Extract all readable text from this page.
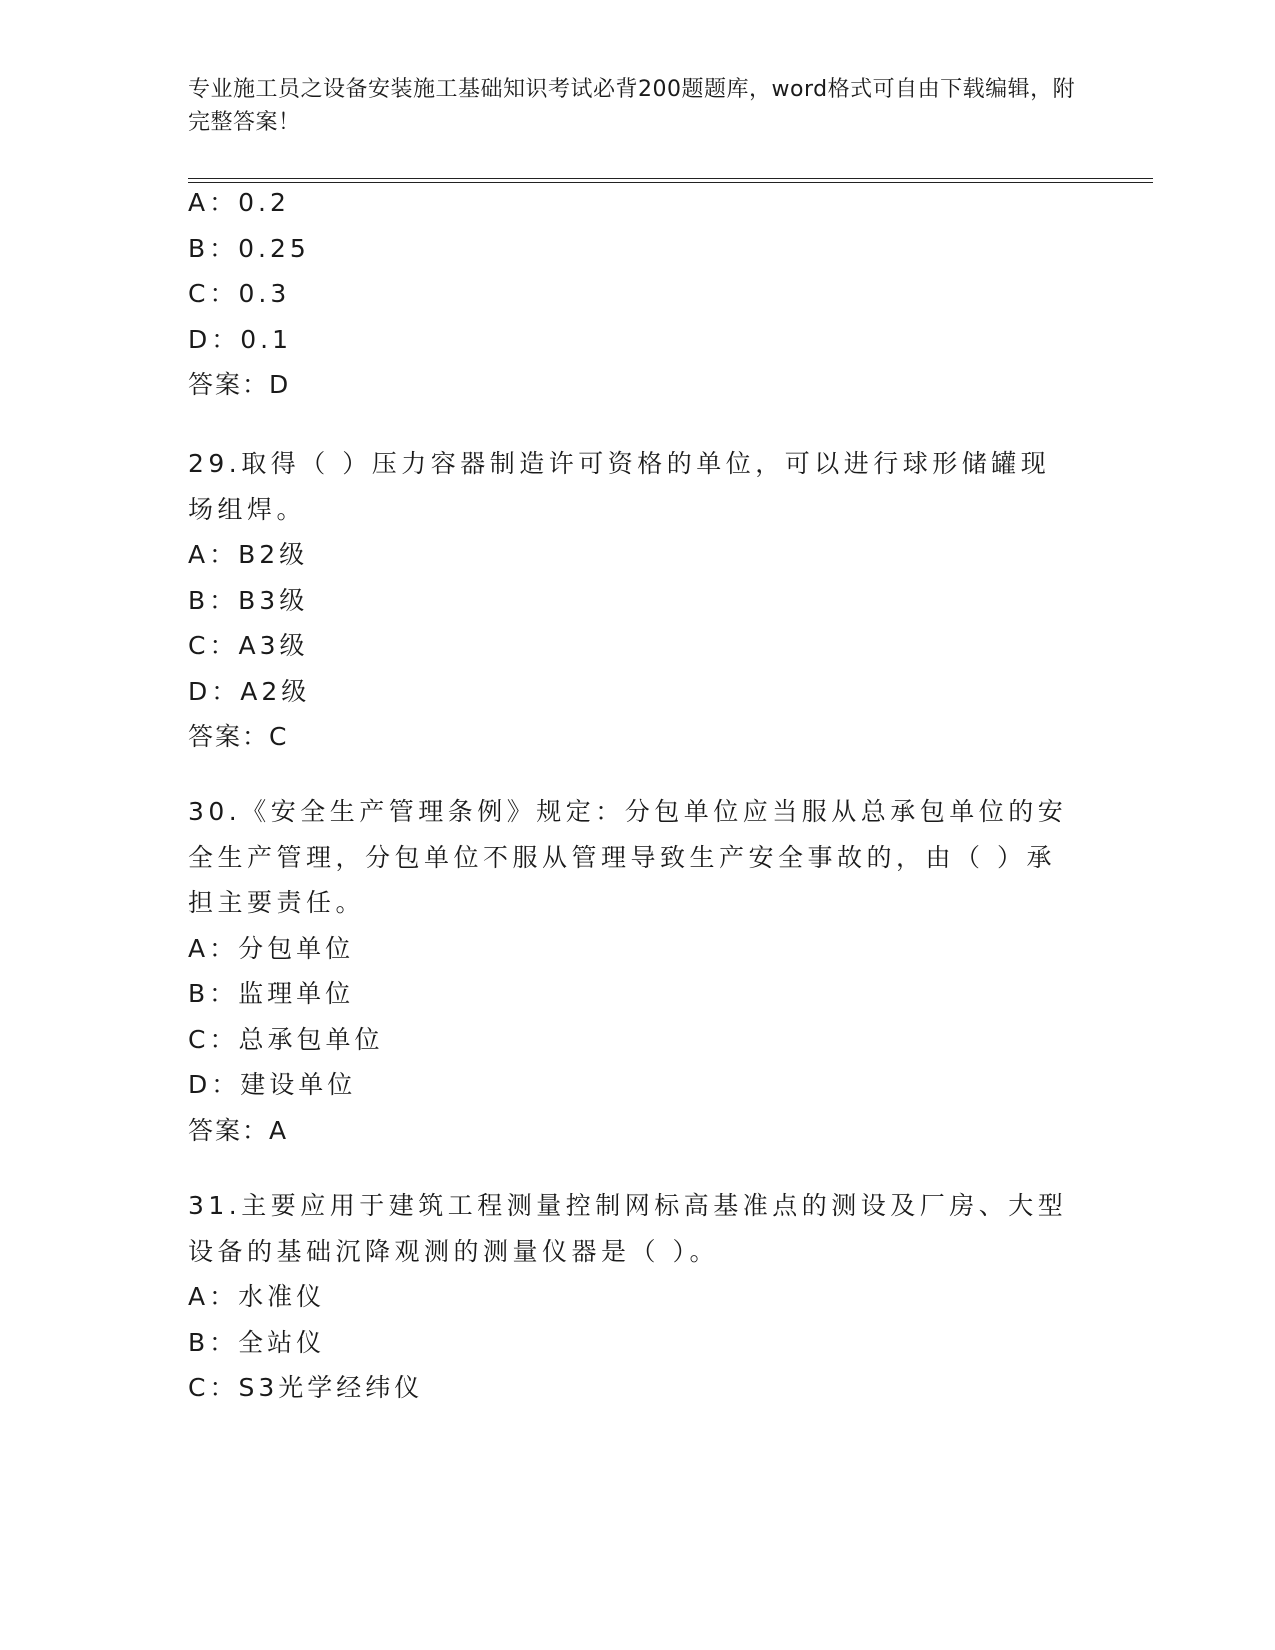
专业施工员之设备安装施工基础知识考试必背200题题库，word格式可自由下载编辑，附完整答案！
A：0.2
B：0.25
C：0.3
D：0.1
答案：D
29.取得（ ）压力容器制造许可资格的单位，可以进行球形储罐现场组焊。
A：B2级
B：B3级
C：A3级
D：A2级
答案：C
30.《安全生产管理条例》规定：分包单位应当服从总承包单位的安全生产管理，分包单位不服从管理导致生产安全事故的，由（ ）承担主要责任。
A：分包单位
B：监理单位
C：总承包单位
D：建设单位
答案：A
31.主要应用于建筑工程测量控制网标高基准点的测设及厂房、大型设备的基础沉降观测的测量仪器是（ ）。
A：水准仪
B：全站仪
C：S3光学经纬仪
